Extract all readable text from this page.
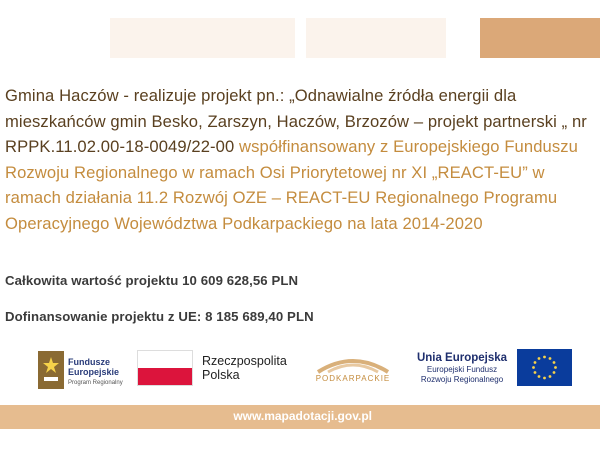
Gmina Haczów - realizuje projekt pn.: „Odnawialne źródła energii dla mieszkańców gmin Besko, Zarszyn, Haczów, Brzozów – projekt partnerski „ nr RPPK.11.02.00-18-0049/22-00 współfinansowany z Europejskiego Funduszu Rozwoju Regionalnego w ramach Osi Priorytetowej nr XI „REACT-EU” w ramach działania 11.2 Rozwój OZE – REACT-EU Regionalnego Programu Operacyjnego Województwa Podkarpackiego na lata 2014-2020
Całkowita wartość projektu 10 609 628,56 PLN
Dofinansowanie projektu z UE: 8 185 689,40 PLN
Fundusze
Europejskie
Program Regionalny
Rzeczpospolita
Polska	PODKARPACKIE
Unia Europejska
Europejski Fundusz
Rozwoju Regionalnego
www.mapadotacji.gov.pl
